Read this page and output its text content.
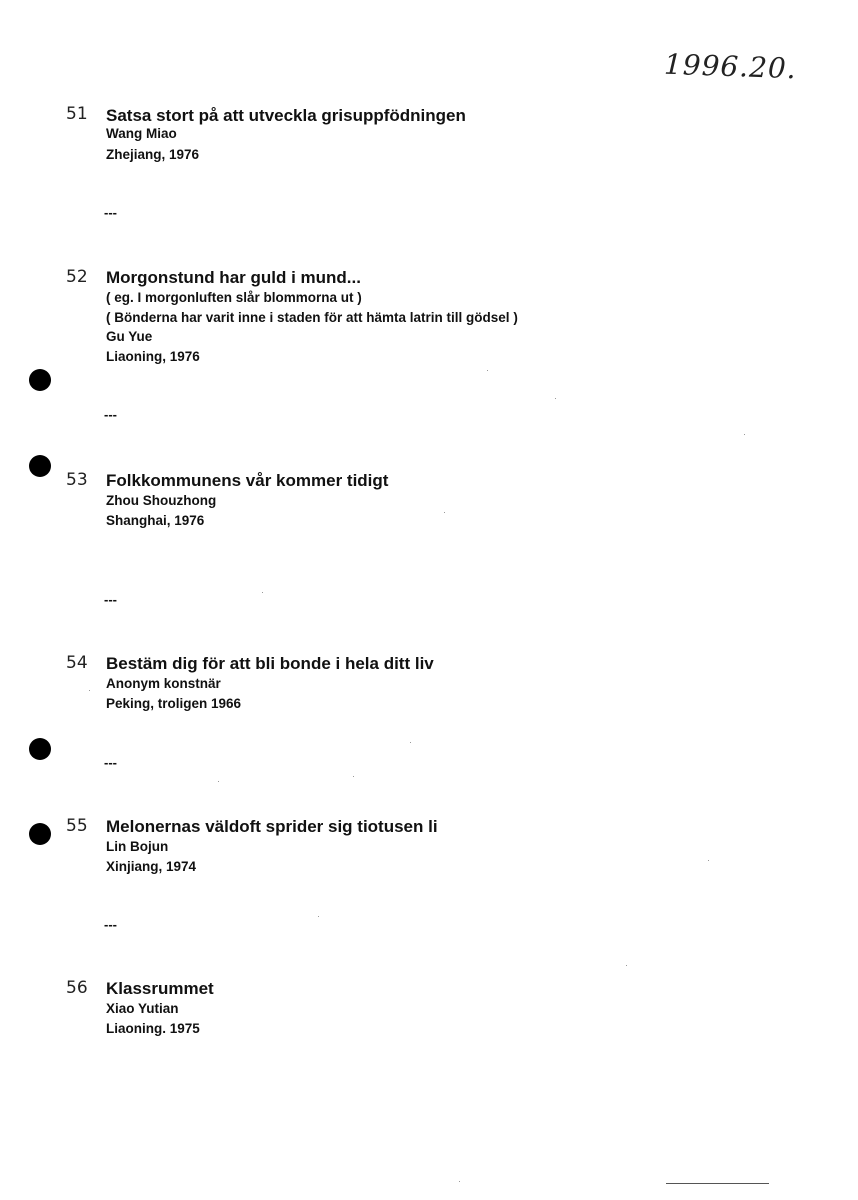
1996.20.
51 Satsa stort på att utveckla grisuppfödningen
Wang Miao
Zhejiang, 1976
---
52 Morgonstund har guld i mund...
( eg. I morgonluften slår blommorna ut )
( Bönderna har varit inne i staden för att hämta latrin till gödsel )
Gu Yue
Liaoning, 1976
---
53 Folkkommunens vår kommer tidigt
Zhou Shouzhong
Shanghai, 1976
---
54 Bestäm dig för att bli bonde i hela ditt liv
Anonym konstnär
Peking, troligen 1966
---
55 Melonernas väldoft sprider sig tiotusen li
Lin Bojun
Xinjiang, 1974
---
56 Klassrummet
Xiao Yutian
Liaoning. 1975
